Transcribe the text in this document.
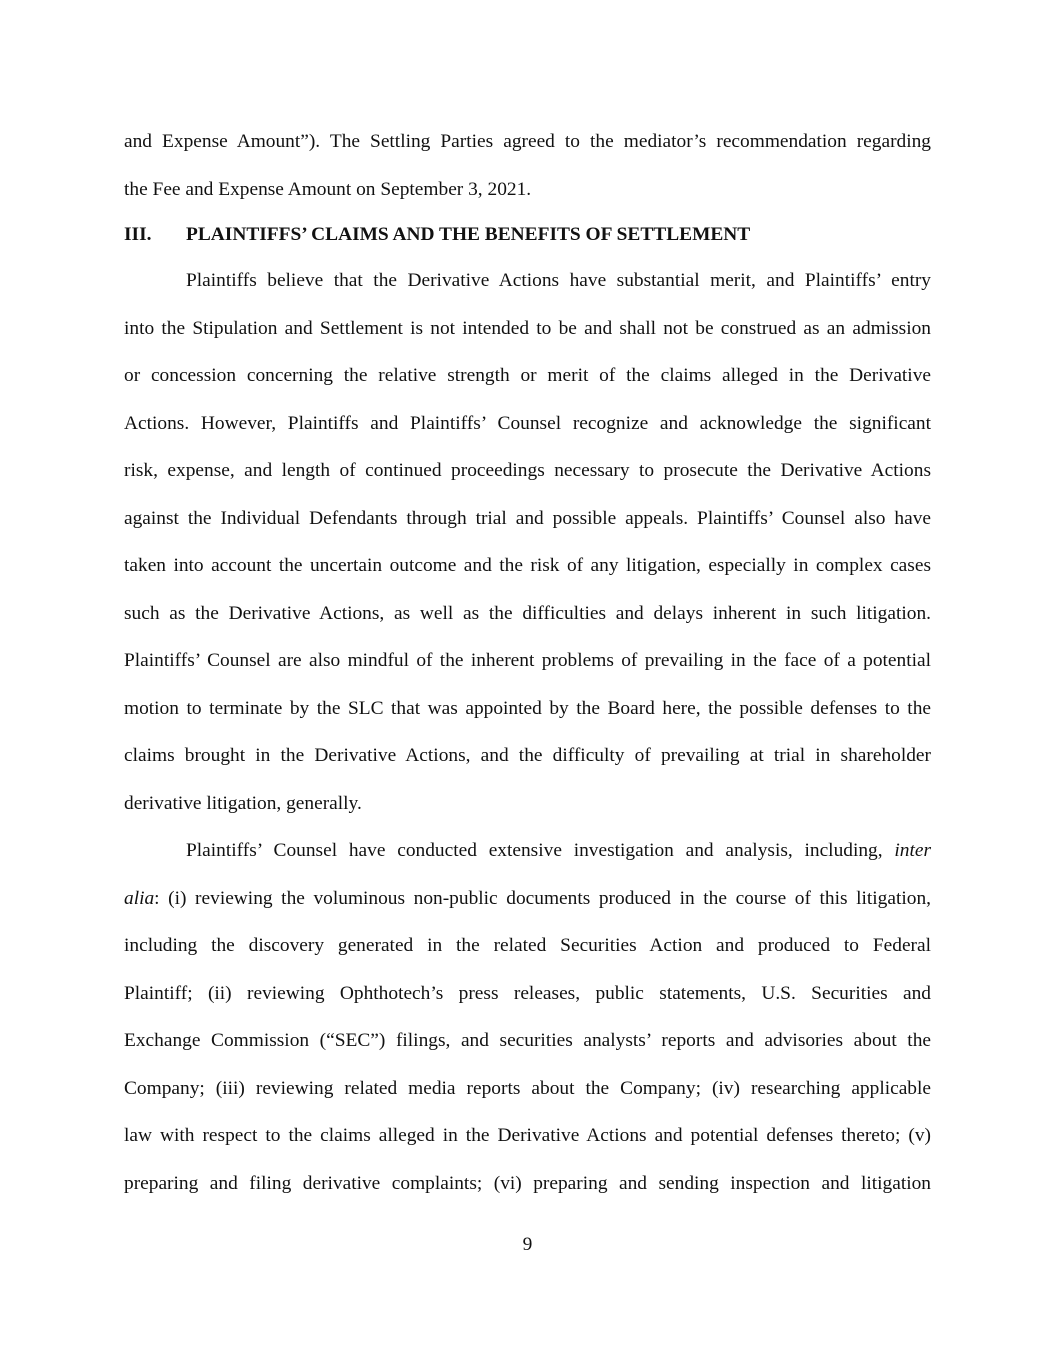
and Expense Amount”). The Settling Parties agreed to the mediator’s recommendation regarding
the Fee and Expense Amount on September 3, 2021.
III. PLAINTIFFS’ CLAIMS AND THE BENEFITS OF SETTLEMENT
Plaintiffs believe that the Derivative Actions have substantial merit, and Plaintiffs’ entry
into the Stipulation and Settlement is not intended to be and shall not be construed as an admission
or concession concerning the relative strength or merit of the claims alleged in the Derivative
Actions. However, Plaintiffs and Plaintiffs’ Counsel recognize and acknowledge the significant
risk, expense, and length of continued proceedings necessary to prosecute the Derivative Actions
against the Individual Defendants through trial and possible appeals. Plaintiffs’ Counsel also have
taken into account the uncertain outcome and the risk of any litigation, especially in complex cases
such as the Derivative Actions, as well as the difficulties and delays inherent in such litigation.
Plaintiffs’ Counsel are also mindful of the inherent problems of prevailing in the face of a potential
motion to terminate by the SLC that was appointed by the Board here, the possible defenses to the
claims brought in the Derivative Actions, and the difficulty of prevailing at trial in shareholder
derivative litigation, generally.
Plaintiffs’ Counsel have conducted extensive investigation and analysis, including, inter
alia: (i) reviewing the voluminous non-public documents produced in the course of this litigation,
including the discovery generated in the related Securities Action and produced to Federal
Plaintiff; (ii) reviewing Ophthotech’s press releases, public statements, U.S. Securities and
Exchange Commission (“SEC”) filings, and securities analysts’ reports and advisories about the
Company; (iii) reviewing related media reports about the Company; (iv) researching applicable
law with respect to the claims alleged in the Derivative Actions and potential defenses thereto; (v)
preparing and filing derivative complaints; (vi) preparing and sending inspection and litigation
9
